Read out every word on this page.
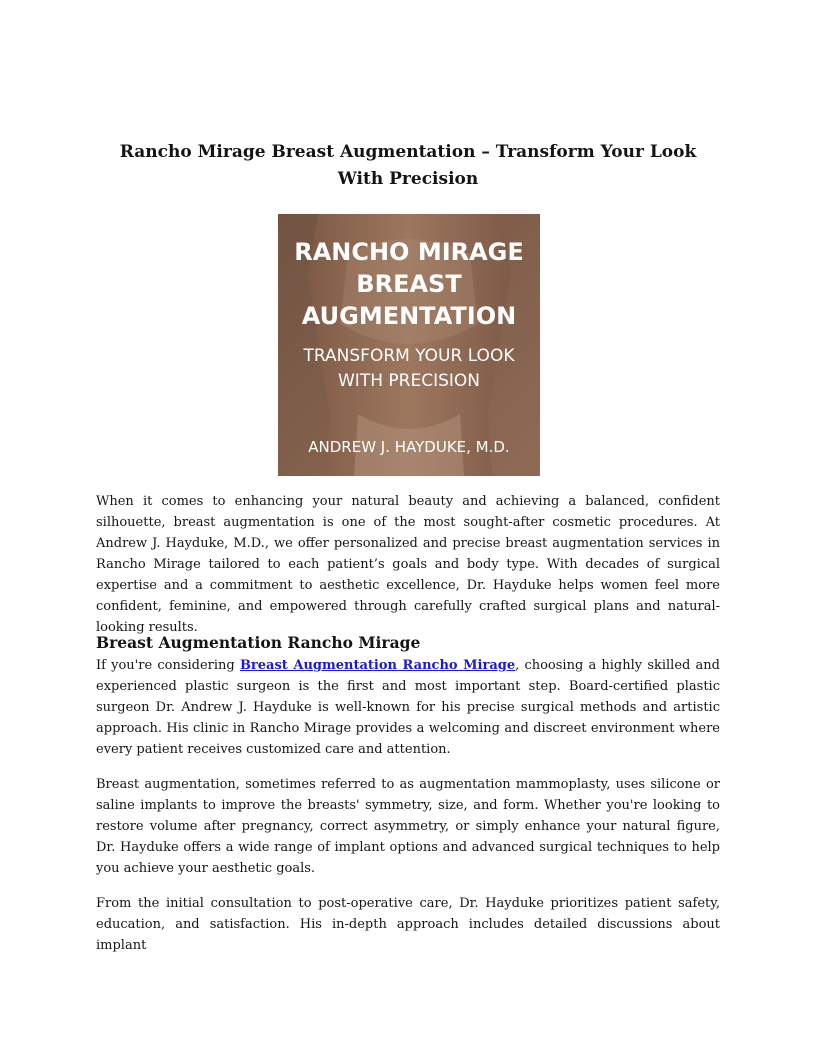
Rancho Mirage Breast Augmentation – Transform Your Look With Precision
RANCHO MIRAGE
BREAST
AUGMENTATION
TRANSFORM YOUR LOOK
WITH PRECISION
ANDREW J. HAYDUKE, M.D.

When it comes to enhancing your natural beauty and achieving a balanced, confident silhouette, breast augmentation is one of the most sought-after cosmetic procedures. At Andrew J. Hayduke, M.D., we offer personalized and precise breast augmentation services in Rancho Mirage tailored to each patient’s goals and body type. With decades of surgical expertise and a commitment to aesthetic excellence, Dr. Hayduke helps women feel more confident, feminine, and empowered through carefully crafted surgical plans and natural-looking results.

Breast Augmentation Rancho Mirage

If you're considering Breast Augmentation Rancho Mirage, choosing a highly skilled and experienced plastic surgeon is the first and most important step. Board-certified plastic surgeon Dr. Andrew J. Hayduke is well-known for his precise surgical methods and artistic approach. His clinic in Rancho Mirage provides a welcoming and discreet environment where every patient receives customized care and attention.

Breast augmentation, sometimes referred to as augmentation mammoplasty, uses silicone or saline implants to improve the breasts' symmetry, size, and form. Whether you're looking to restore volume after pregnancy, correct asymmetry, or simply enhance your natural figure, Dr. Hayduke offers a wide range of implant options and advanced surgical techniques to help you achieve your aesthetic goals.

From the initial consultation to post-operative care, Dr. Hayduke prioritizes patient safety, education, and satisfaction. His in-depth approach includes detailed discussions about implant
